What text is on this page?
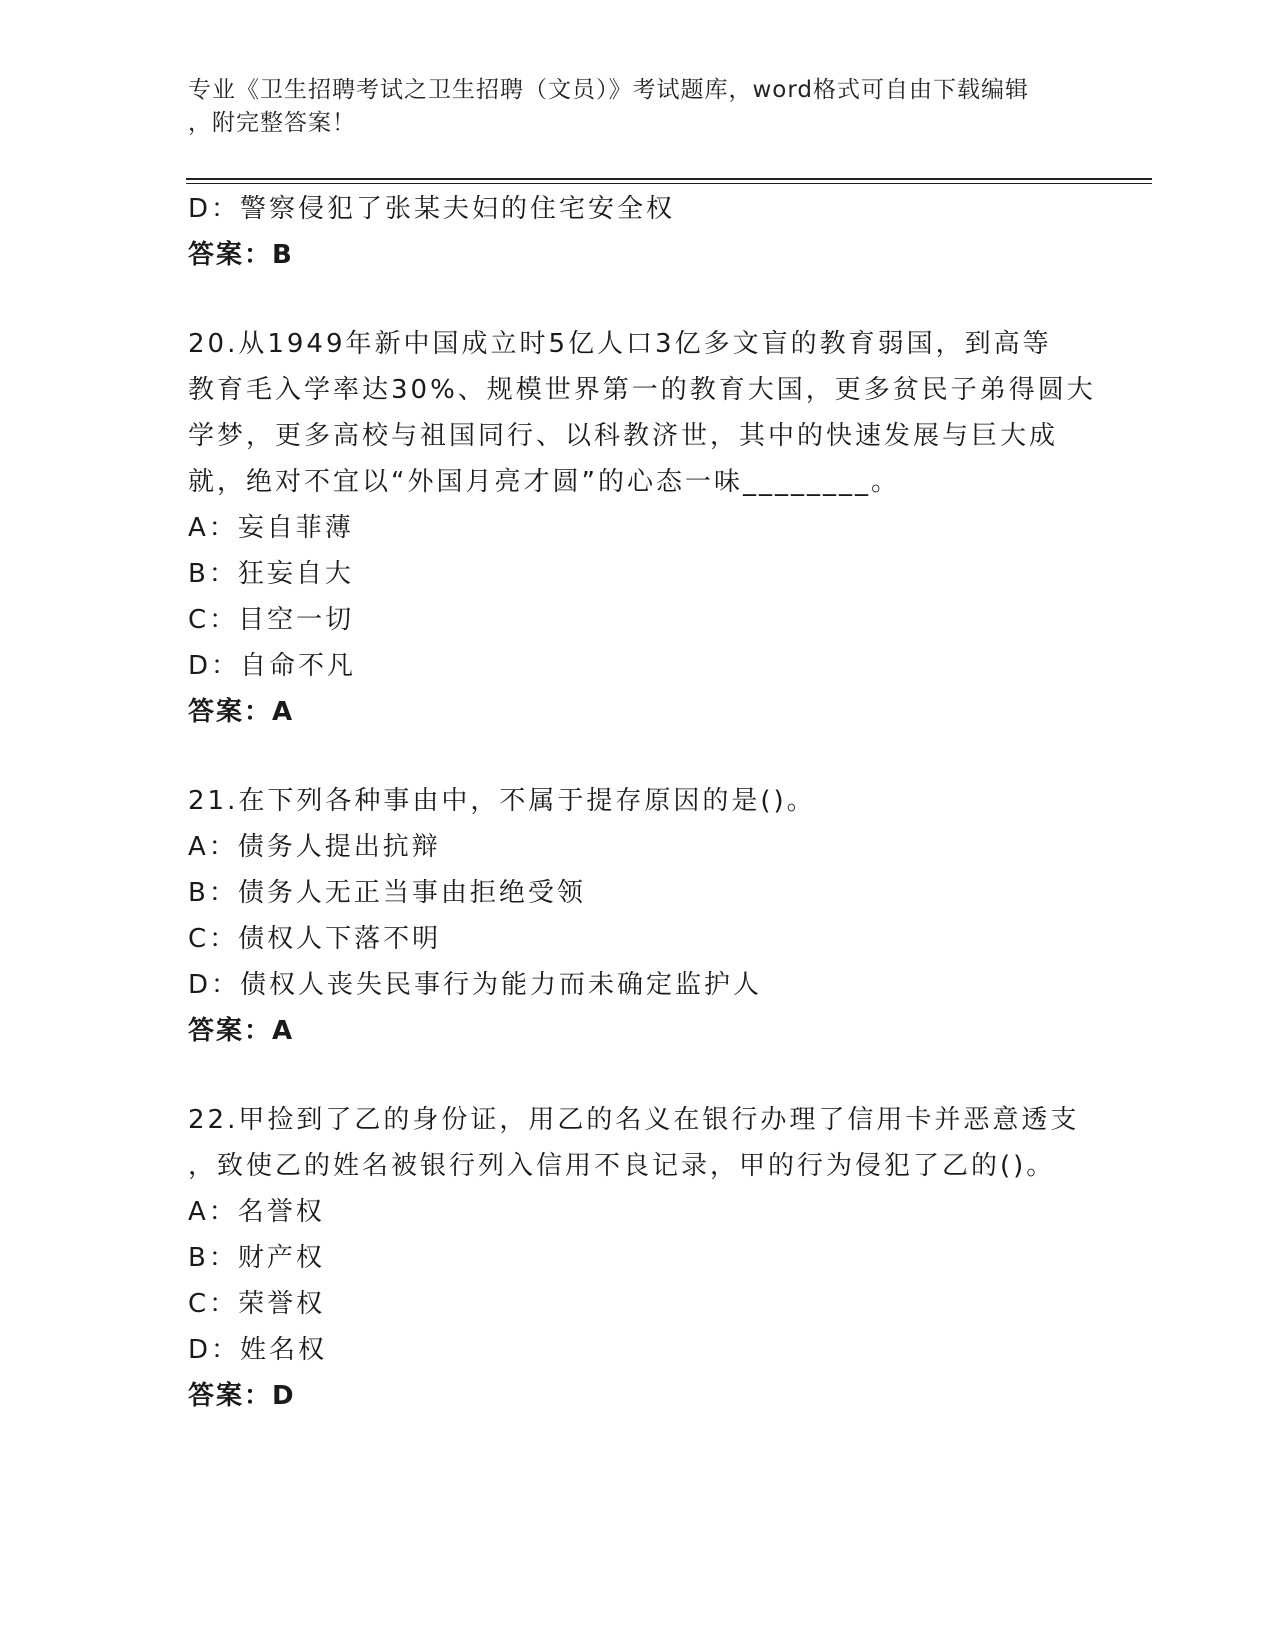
专业《卫生招聘考试之卫生招聘（文员）》考试题库，word格式可自由下载编辑
，附完整答案！
D：警察侵犯了张某夫妇的住宅安全权
答案：B
20.从1949年新中国成立时5亿人口3亿多文盲的教育弱国，到高等
教育毛入学率达30%、规模世界第一的教育大国，更多贫民子弟得圆大
学梦，更多高校与祖国同行、以科教济世，其中的快速发展与巨大成
就，绝对不宜以“外国月亮才圆”的心态一味________。
A：妄自菲薄
B：狂妄自大
C：目空一切
D：自命不凡
答案：A
21.在下列各种事由中，不属于提存原因的是()。
A：债务人提出抗辩
B：债务人无正当事由拒绝受领
C：债权人下落不明
D：债权人丧失民事行为能力而未确定监护人
答案：A
22.甲捡到了乙的身份证，用乙的名义在银行办理了信用卡并恶意透支
，致使乙的姓名被银行列入信用不良记录，甲的行为侵犯了乙的()。
A：名誉权
B：财产权
C：荣誉权
D：姓名权
答案：D
